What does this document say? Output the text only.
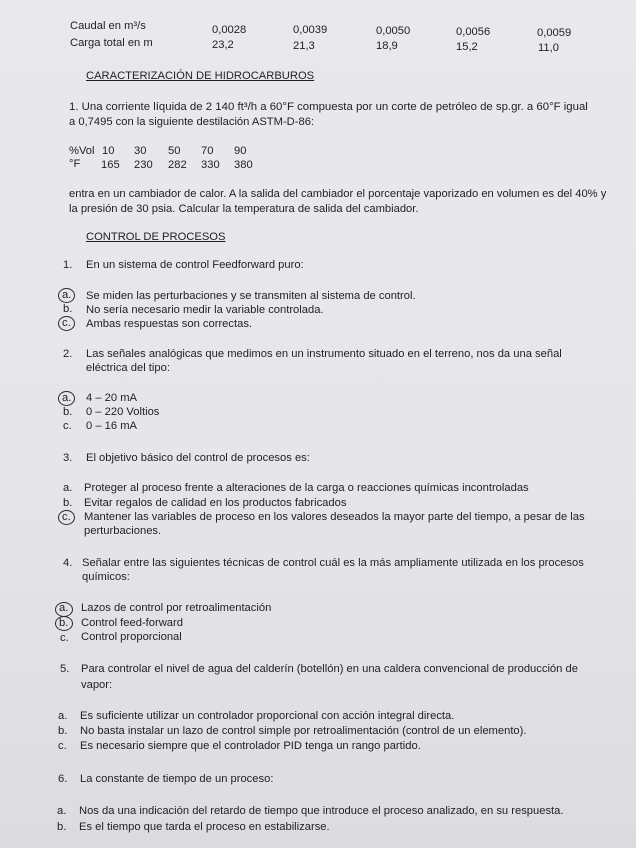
Caudal en m³/s	0,0028	0,0039	0,0050	0,0056	0,0059
Carga total en m	23,2	21,3	18,9	15,2	11,0
CARACTERIZACIÓN DE HIDROCARBUROS
1. Una corriente líquida de 2 140 ft³/h a 60°F compuesta por un corte de petróleo de sp.gr. a 60°F igual
a 0,7495 con la siguiente destilación ASTM-D-86:
%Vol 10 30 50 70 90
°F 165 230 282 330 380
entra en un cambiador de calor. A la salida del cambiador el porcentaje vaporizado en volumen es del 40% y
la presión de 30 psia. Calcular la temperatura de salida del cambiador.
CONTROL DE PROCESOS
1. En un sistema de control Feedforward puro:
a. Se miden las perturbaciones y se transmiten al sistema de control.
b. No sería necesario medir la variable controlada.
c. Ambas respuestas son correctas.
2. Las señales analógicas que medimos en un instrumento situado en el terreno, nos da una señal
eléctrica del tipo:
a. 4 – 20 mA
b. 0 – 220 Voltios
c. 0 – 16 mA
3. El objetivo básico del control de procesos es:
a. Proteger al proceso frente a alteraciones de la carga o reacciones químicas incontroladas
b. Evitar regalos de calidad en los productos fabricados
c. Mantener las variables de proceso en los valores deseados la mayor parte del tiempo, a pesar de las
perturbaciones.
4. Señalar entre las siguientes técnicas de control cuál es la más ampliamente utilizada en los procesos
químicos:
a. Lazos de control por retroalimentación
b. Control feed-forward
c. Control proporcional
5. Para controlar el nivel de agua del calderín (botellón) en una caldera convencional de producción de
vapor:
a. Es suficiente utilizar un controlador proporcional con acción integral directa.
b. No basta instalar un lazo de control simple por retroalimentación (control de un elemento).
c. Es necesario siempre que el controlador PID tenga un rango partido.
6. La constante de tiempo de un proceso:
a. Nos da una indicación del retardo de tiempo que introduce el proceso analizado, en su respuesta.
b. Es el tiempo que tarda el proceso en estabilizarse.
